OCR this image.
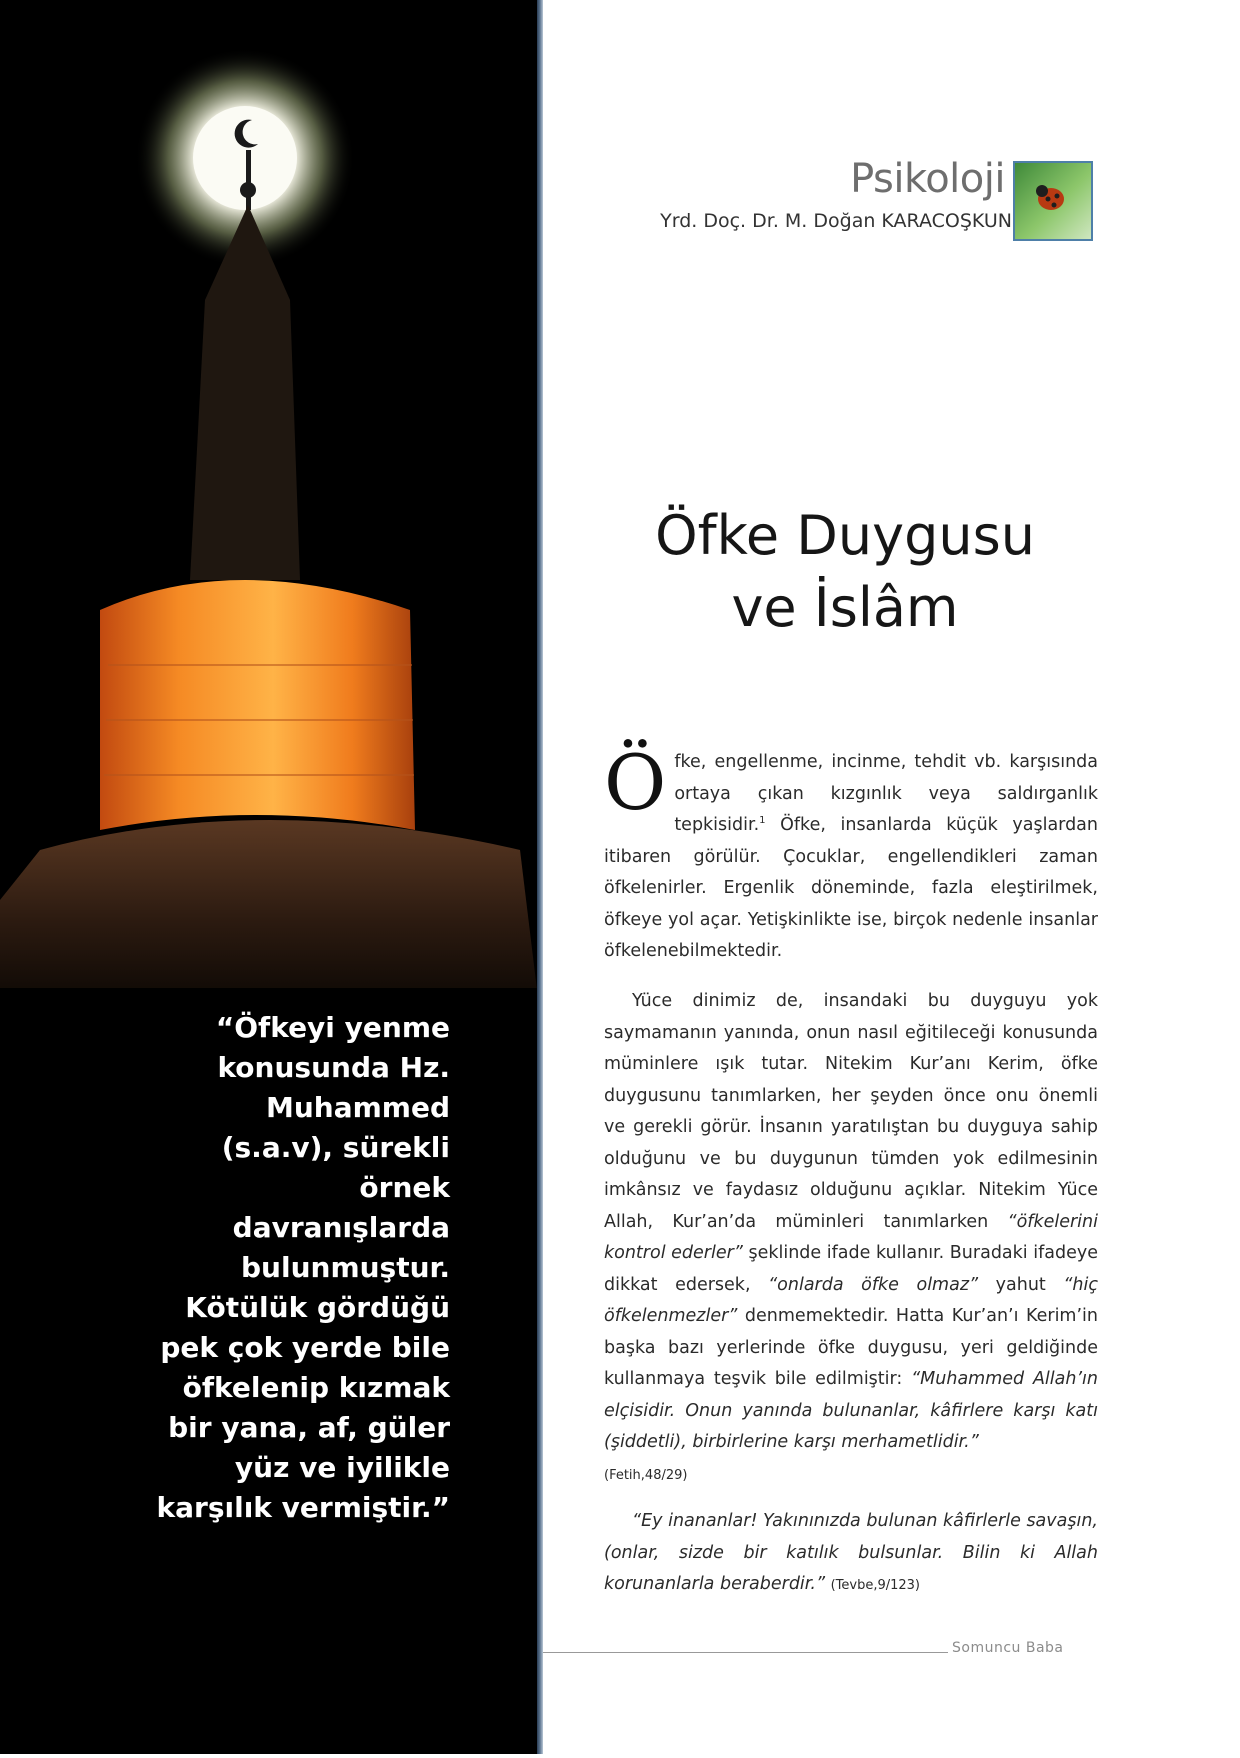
“Öfkeyi yenme konusunda Hz. Muhammed (s.a.v), sürekli örnek davranışlarda bulunmuştur. Kötülük gördüğü pek çok yerde bile öfkelenip kızmak bir yana, af, güler yüz ve iyilikle karşılık vermiştir.”
Psikoloji
Yrd. Doç. Dr. M. Doğan KARACOŞKUN
Öfke Duygusu
ve İslâm
Öfke, engellenme, incinme, tehdit vb. karşısında ortaya çıkan kızgınlık veya saldırganlık tepkisidir.$^1$ Öfke, insanlarda küçük yaşlardan itibaren görülür. Çocuklar, engellendikleri zaman öfkelenirler. Ergenlik döneminde, fazla eleştirilmek, öfkeye yol açar. Yetişkinlikte ise, birçok nedenle insanlar öfkelenebilmektedir.
Yüce dinimiz de, insandaki bu duyguyu yok saymamanın yanında, onun nasıl eğitileceği konusunda müminlere ışık tutar. Nitekim Kur’anı Kerim, öfke duygusunu tanımlarken, her şeyden önce onu önemli ve gerekli görür. İnsanın yaratılıştan bu duyguya sahip olduğunu ve bu duygunun tümden yok edilmesinin imkânsız ve faydasız olduğunu açıklar. Nitekim Yüce Allah, Kur’an’da müminleri tanımlarken “öfkelerini kontrol ederler” şeklinde ifade kullanır. Buradaki ifadeye dikkat edersek, “onlarda öfke olmaz” yahut “hiç öfkelenmezler” denmemektedir. Hatta Kur’an’ı Kerim’in başka bazı yerlerinde öfke duygusu, yeri geldiğinde kullanmaya teşvik bile edilmiştir: “Muhammed Allah’ın elçisidir. Onun yanında bulunanlar, kâfirlere karşı katı (şiddetli), birbirlerine karşı merhametlidir.”
(Fetih,48/29)
“Ey inananlar! Yakınınızda bulunan kâfirlerle savaşın, (onlar, sizde bir katılık bulsunlar. Bilin ki Allah korunanlarla beraberdir.” (Tevbe,9/123)
Somuncu Baba
